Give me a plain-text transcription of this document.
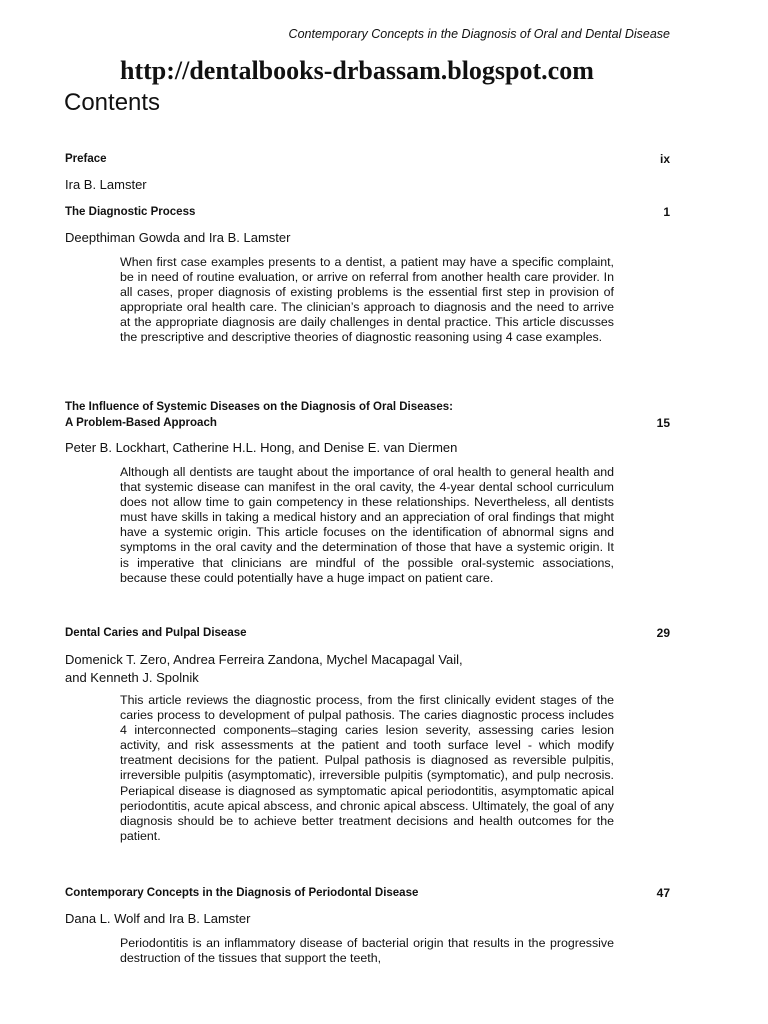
Contemporary Concepts in the Diagnosis of Oral and Dental Disease
http://dentalbooks-drbassam.blogspot.com
Contents
Preface	ix
Ira B. Lamster
The Diagnostic Process	1
Deepthiman Gowda and Ira B. Lamster
When first case examples presents to a dentist, a patient may have a specific complaint, be in need of routine evaluation, or arrive on referral from another health care provider. In all cases, proper diagnosis of existing problems is the essential first step in provision of appropriate oral health care. The clinician’s approach to diagnosis and the need to arrive at the appropriate diagnosis are daily challenges in dental practice. This article discusses the prescriptive and descriptive theories of diagnostic reasoning using 4 case examples.
The Influence of Systemic Diseases on the Diagnosis of Oral Diseases:
A Problem-Based Approach	15
Peter B. Lockhart, Catherine H.L. Hong, and Denise E. van Diermen
Although all dentists are taught about the importance of oral health to general health and that systemic disease can manifest in the oral cavity, the 4-year dental school curriculum does not allow time to gain competency in these relationships. Nevertheless, all dentists must have skills in taking a medical history and an appreciation of oral findings that might have a systemic origin. This article focuses on the identification of abnormal signs and symptoms in the oral cavity and the determination of those that have a systemic origin. It is imperative that clinicians are mindful of the possible oral-systemic associations, because these could potentially have a huge impact on patient care.
Dental Caries and Pulpal Disease	29
Domenick T. Zero, Andrea Ferreira Zandona, Mychel Macapagal Vail,
and Kenneth J. Spolnik
This article reviews the diagnostic process, from the first clinically evident stages of the caries process to development of pulpal pathosis. The caries diagnostic process includes 4 interconnected components–staging caries lesion severity, assessing caries lesion activity, and risk assessments at the patient and tooth surface level - which modify treatment decisions for the patient. Pulpal pathosis is diagnosed as reversible pulpitis, irreversible pulpitis (asymptomatic), irreversible pulpitis (symptomatic), and pulp necrosis. Periapical disease is diagnosed as symptomatic apical periodontitis, asymptomatic apical periodontitis, acute apical abscess, and chronic apical abscess. Ultimately, the goal of any diagnosis should be to achieve better treatment decisions and health outcomes for the patient.
Contemporary Concepts in the Diagnosis of Periodontal Disease	47
Dana L. Wolf and Ira B. Lamster
Periodontitis is an inflammatory disease of bacterial origin that results in the progressive destruction of the tissues that support the teeth,
